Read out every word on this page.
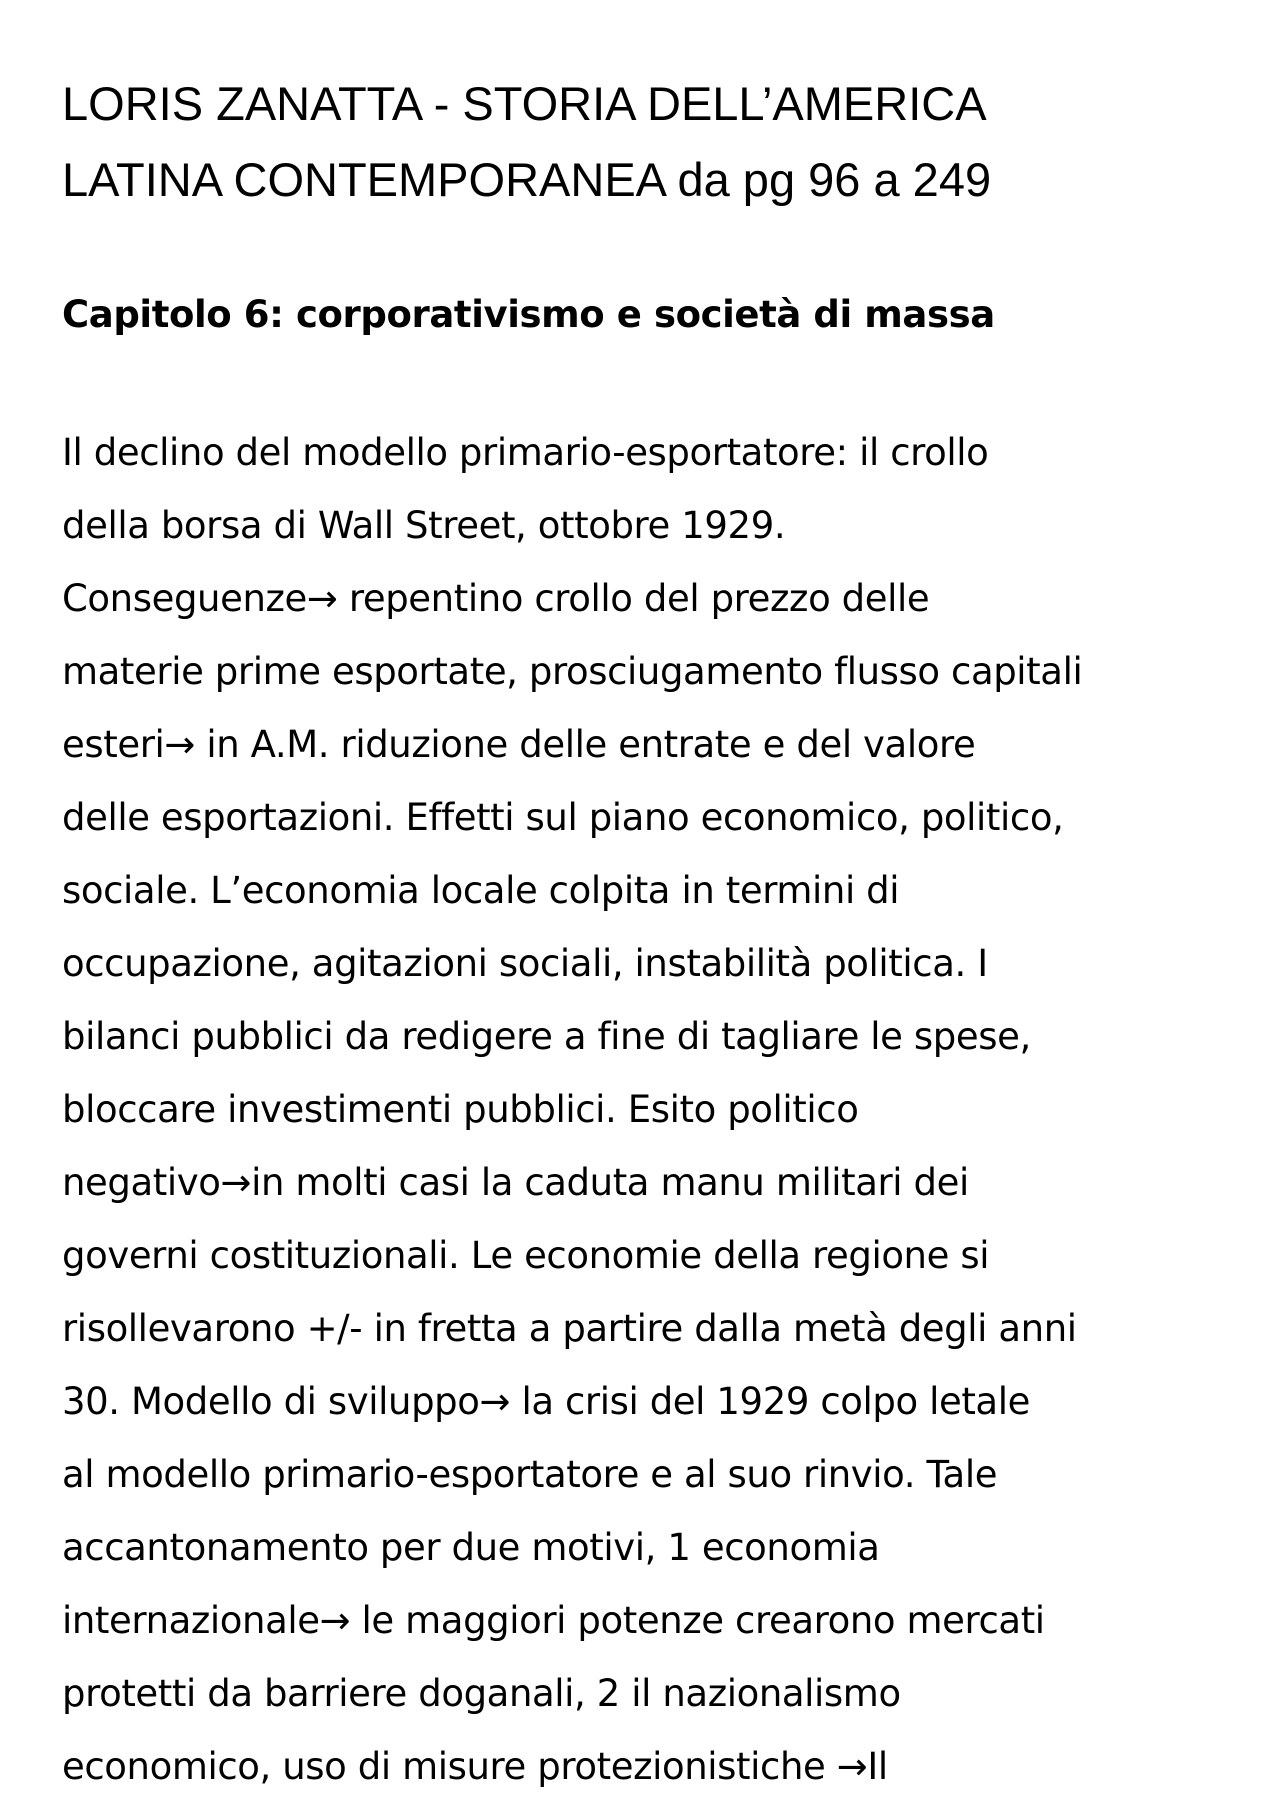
LORIS ZANATTA - STORIA DELL’AMERICA
LATINA CONTEMPORANEA da pg 96 a 249
Capitolo 6: corporativismo e società di massa
Il declino del modello primario-esportatore: il crollo
della borsa di Wall Street, ottobre 1929.
Conseguenze→ repentino crollo del prezzo delle
materie prime esportate, prosciugamento flusso capitali
esteri→ in A.M. riduzione delle entrate e del valore
delle esportazioni. Effetti sul piano economico, politico,
sociale. L’economia locale colpita in termini di
occupazione, agitazioni sociali, instabilità politica. I
bilanci pubblici da redigere a fine di tagliare le spese,
bloccare investimenti pubblici. Esito politico
negativo→in molti casi la caduta manu militari dei
governi costituzionali. Le economie della regione si
risollevarono +/- in fretta a partire dalla metà degli anni
30. Modello di sviluppo→ la crisi del 1929 colpo letale
al modello primario-esportatore e al suo rinvio. Tale
accantonamento per due motivi, 1 economia
internazionale→ le maggiori potenze crearono mercati
protetti da barriere doganali, 2 il nazionalismo
economico, uso di misure protezionistiche →Il
